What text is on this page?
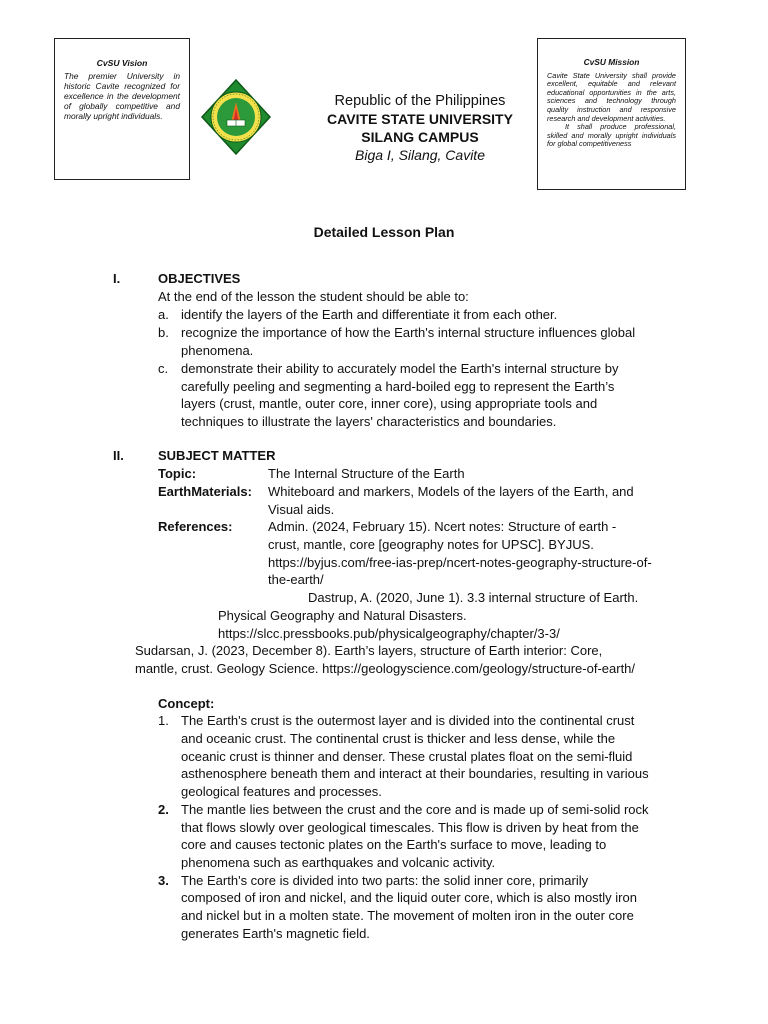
CvSU Vision
The premier University in historic Cavite recognized for excellence in the development of globally competitive and morally upright individuals.
Republic of the Philippines
CAVITE STATE UNIVERSITY
SILANG CAMPUS
Biga I, Silang, Cavite
CvSU Mission
Cavite State University shall provide excellent, equitable and relevant educational opportunities in the arts, sciences and technology through quality instruction and responsive research and development activities.
It shall produce professional, skilled and morally upright individuals for global competitiveness
Detailed Lesson Plan
I.	OBJECTIVES
At the end of the lesson the student should be able to:
a. identify the layers of the Earth and differentiate it from each other.
b. recognize the importance of how the Earth's internal structure influences global
phenomena.
c. demonstrate their ability to accurately model the Earth's internal structure by
carefully peeling and segmenting a hard-boiled egg to represent the Earth’s
layers (crust, mantle, outer core, inner core), using appropriate tools and
techniques to illustrate the layers' characteristics and boundaries.
II.	SUBJECT MATTER
Topic:	The Internal Structure of the Earth
EarthMaterials: Whiteboard and markers, Models of the layers of the Earth, and
Visual aids.
References:	Admin. (2024, February 15). Ncert notes: Structure of earth -
crust, mantle, core [geography notes for UPSC]. BYJUS.
https://byjus.com/free-ias-prep/ncert-notes-geography-structure-of-
the-earth/
Dastrup, A. (2020, June 1). 3.3 internal structure of Earth.
Physical Geography and Natural Disasters.
https://slcc.pressbooks.pub/physicalgeography/chapter/3-3/
Sudarsan, J. (2023, December 8). Earth’s layers, structure of Earth interior: Core,
mantle, crust. Geology Science. https://geologyscience.com/geology/structure-of-earth/
Concept:
1. The Earth's crust is the outermost layer and is divided into the continental crust
and oceanic crust. The continental crust is thicker and less dense, while the
oceanic crust is thinner and denser. These crustal plates float on the semi-fluid
asthenosphere beneath them and interact at their boundaries, resulting in various
geological features and processes.
2. The mantle lies between the crust and the core and is made up of semi-solid rock
that flows slowly over geological timescales. This flow is driven by heat from the
core and causes tectonic plates on the Earth's surface to move, leading to
phenomena such as earthquakes and volcanic activity.
3. The Earth's core is divided into two parts: the solid inner core, primarily
composed of iron and nickel, and the liquid outer core, which is also mostly iron
and nickel but in a molten state. The movement of molten iron in the outer core
generates Earth's magnetic field.
